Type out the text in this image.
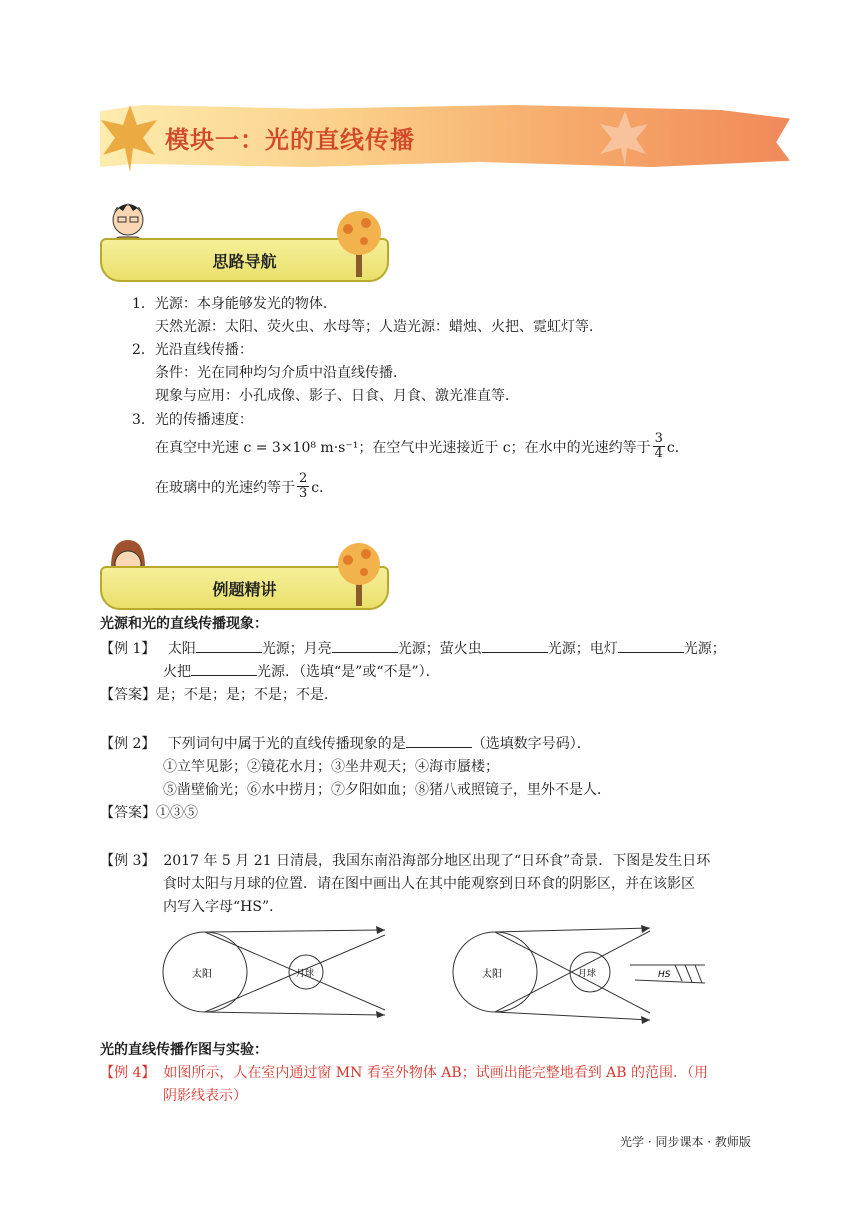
模块一：光的直线传播
思路导航
1．光源：本身能够发光的物体．
天然光源：太阳、荧火虫、水母等；人造光源：蜡烛、火把、霓虹灯等．
2．光沿直线传播：
条件：光在同种均匀介质中沿直线传播．
现象与应用：小孔成像、影子、日食、月食、激光准直等．
3．光的传播速度：
在真空中光速 c = 3×10⁸ m·s⁻¹；在空气中光速接近于 c；在水中的光速约等于 $\frac{3}{4}$ c．
在玻璃中的光速约等于 $\frac{2}{3}$ c．
例题精讲
光源和光的直线传播现象：
【例 1】 太阳	光源；月亮	光源；萤火虫	光源；电灯	光源；
火把	光源．（选填“是”或“不是”）．
【答案】是；不是；是；不是；不是．
【例 2】 下列词句中属于光的直线传播现象的是	（选填数字号码）．
①立竿见影；②镜花水月；③坐井观天；④海市蜃楼；
⑤凿壁偷光；⑥水中捞月；⑦夕阳如血；⑧猪八戒照镜子，里外不是人．
【答案】①③⑤
【例 3】 2017 年 5 月 21 日清晨，我国东南沿海部分地区出现了“日环食”奇景．下图是发生日环
食时太阳与月球的位置．请在图中画出人在其中能观察到日环食的阴影区，并在该影区
内写入字母“HS”．
太阳	月球	太阳	月球	HS
光的直线传播作图与实验：
【例 4】 如图所示，人在室内通过窗 MN 看室外物体 AB；试画出能完整地看到 AB 的范围．（用
阴影线表示）
光学 · 同步课本 · 教师版
